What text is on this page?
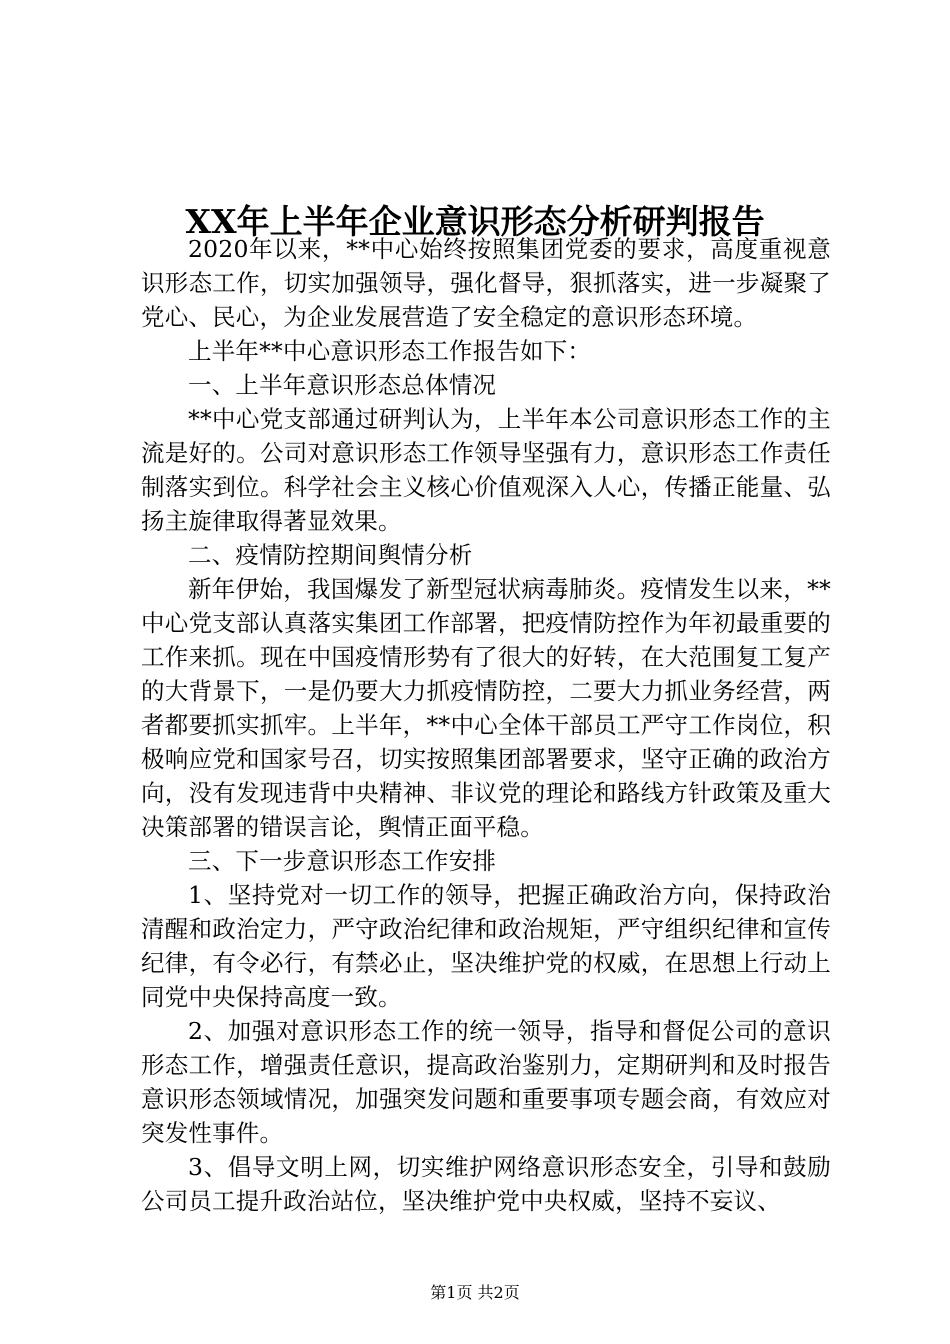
XX年上半年企业意识形态分析研判报告

2020年以来，**中心始终按照集团党委的要求，高度重视意识形态工作，切实加强领导，强化督导，狠抓落实，进一步凝聚了党心、民心，为企业发展营造了安全稳定的意识形态环境。

上半年**中心意识形态工作报告如下：

一、上半年意识形态总体情况

**中心党支部通过研判认为，上半年本公司意识形态工作的主流是好的。公司对意识形态工作领导坚强有力，意识形态工作责任制落实到位。科学社会主义核心价值观深入人心，传播正能量、弘扬主旋律取得著显效果。

二、疫情防控期间舆情分析

新年伊始，我国爆发了新型冠状病毒肺炎。疫情发生以来，**中心党支部认真落实集团工作部署，把疫情防控作为年初最重要的工作来抓。现在中国疫情形势有了很大的好转，在大范围复工复产的大背景下，一是仍要大力抓疫情防控，二要大力抓业务经营，两者都要抓实抓牢。上半年，**中心全体干部员工严守工作岗位，积极响应党和国家号召，切实按照集团部署要求，坚守正确的政治方向，没有发现违背中央精神、非议党的理论和路线方针政策及重大决策部署的错误言论，舆情正面平稳。

三、下一步意识形态工作安排

1、坚持党对一切工作的领导，把握正确政治方向，保持政治清醒和政治定力，严守政治纪律和政治规矩，严守组织纪律和宣传纪律，有令必行，有禁必止，坚决维护党的权威，在思想上行动上同党中央保持高度一致。

2、加强对意识形态工作的统一领导，指导和督促公司的意识形态工作，增强责任意识，提高政治鉴别力，定期研判和及时报告意识形态领域情况，加强突发问题和重要事项专题会商，有效应对突发性事件。

3、倡导文明上网，切实维护网络意识形态安全，引导和鼓励公司员工提升政治站位，坚决维护党中央权威，坚持不妄议、

第1页 共2页
